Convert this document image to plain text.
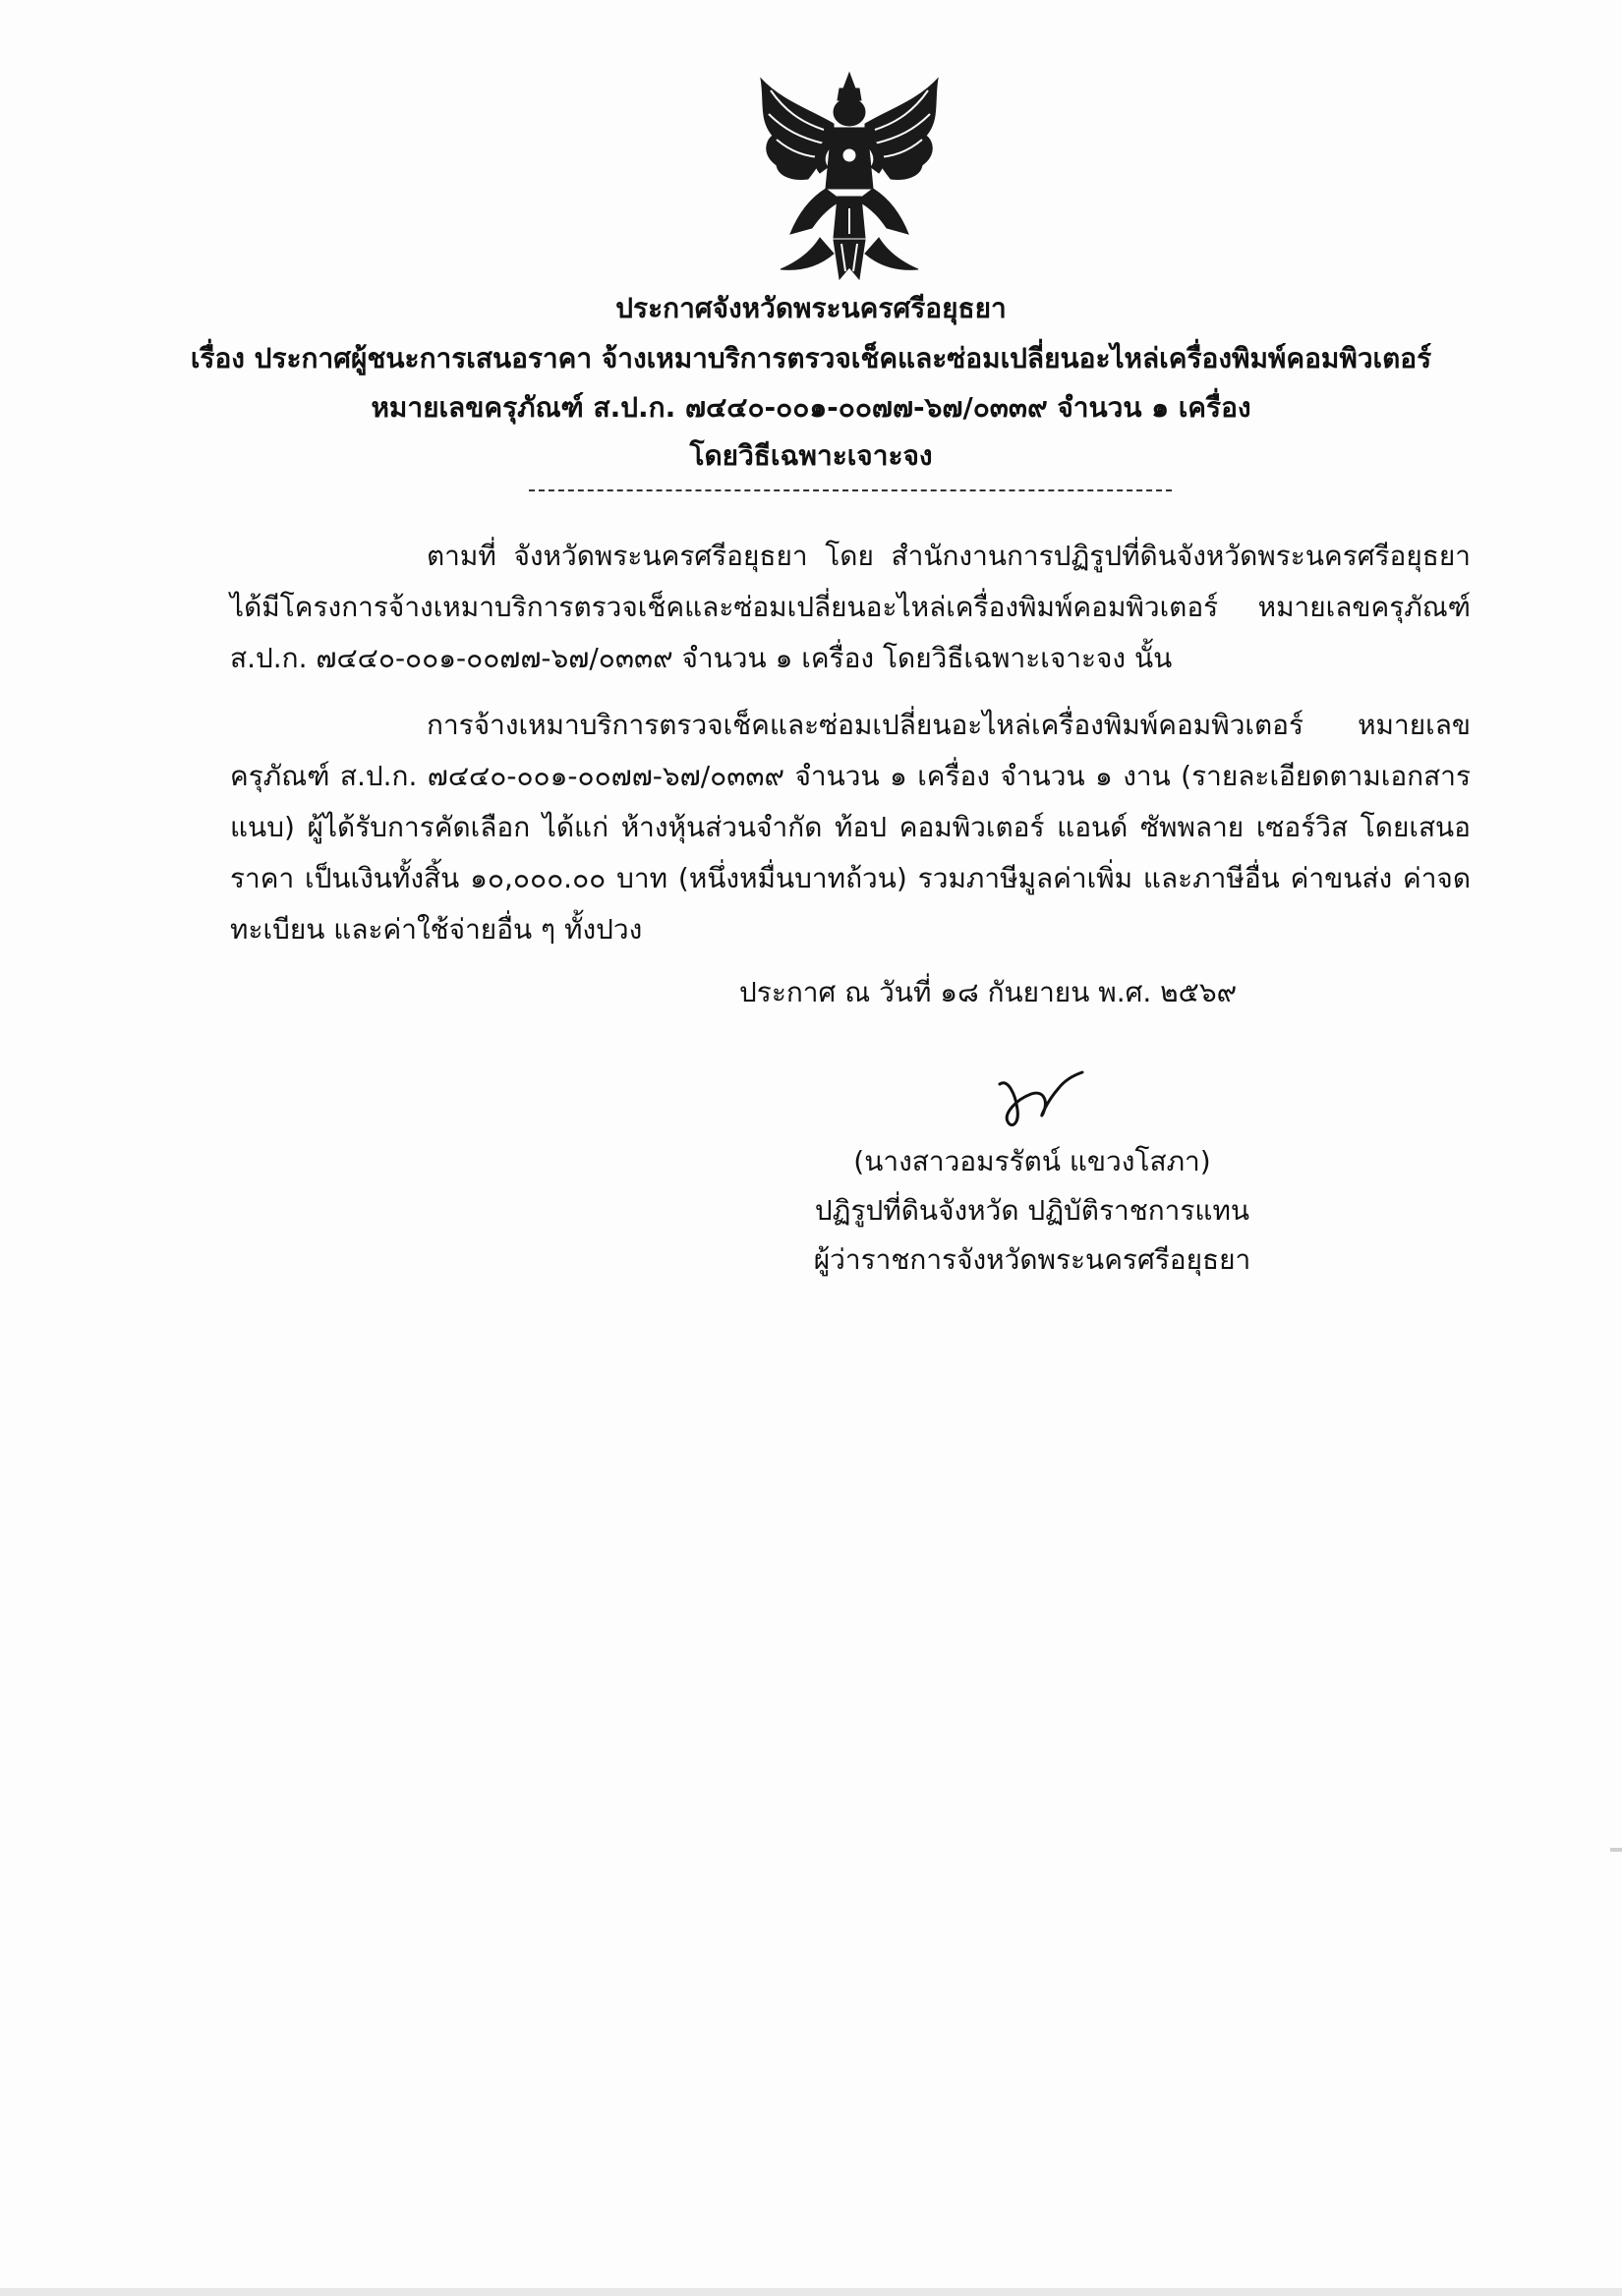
ประกาศจังหวัดพระนครศรีอยุธยา
เรื่อง ประกาศผู้ชนะการเสนอราคา จ้างเหมาบริการตรวจเช็คและซ่อมเปลี่ยนอะไหล่เครื่องพิมพ์คอมพิวเตอร์
หมายเลขครุภัณฑ์ ส.ป.ก. ๗๔๔๐-๐๐๑-๐๐๗๗-๖๗/๐๓๓๙ จำนวน ๑ เครื่อง
โดยวิธีเฉพาะเจาะจง

ตามที่ จังหวัดพระนครศรีอยุธยา โดย สำนักงานการปฏิรูปที่ดินจังหวัดพระนครศรีอยุธยา ได้มีโครงการจ้างเหมาบริการตรวจเช็คและซ่อมเปลี่ยนอะไหล่เครื่องพิมพ์คอมพิวเตอร์ หมายเลขครุภัณฑ์ ส.ป.ก. ๗๔๔๐-๐๐๑-๐๐๗๗-๖๗/๐๓๓๙ จำนวน ๑ เครื่อง โดยวิธีเฉพาะเจาะจง นั้น

การจ้างเหมาบริการตรวจเช็คและซ่อมเปลี่ยนอะไหล่เครื่องพิมพ์คอมพิวเตอร์ หมายเลขครุภัณฑ์ ส.ป.ก. ๗๔๔๐-๐๐๑-๐๐๗๗-๖๗/๐๓๓๙ จำนวน ๑ เครื่อง จำนวน ๑ งาน (รายละเอียดตามเอกสารแนบ) ผู้ได้รับการคัดเลือก ได้แก่ ห้างหุ้นส่วนจำกัด ท้อป คอมพิวเตอร์ แอนด์ ซัพพลาย เซอร์วิส โดยเสนอราคา เป็นเงินทั้งสิ้น ๑๐,๐๐๐.๐๐ บาท (หนึ่งหมื่นบาทถ้วน) รวมภาษีมูลค่าเพิ่ม และภาษีอื่น ค่าขนส่ง ค่าจดทะเบียน และค่าใช้จ่ายอื่น ๆ ทั้งปวง

ประกาศ ณ วันที่ ๑๘ กันยายน พ.ศ. ๒๕๖๙
(นางสาวอมรรัตน์ แขวงโสภา)
ปฏิรูปที่ดินจังหวัด ปฏิบัติราชการแทน
ผู้ว่าราชการจังหวัดพระนครศรีอยุธยา
